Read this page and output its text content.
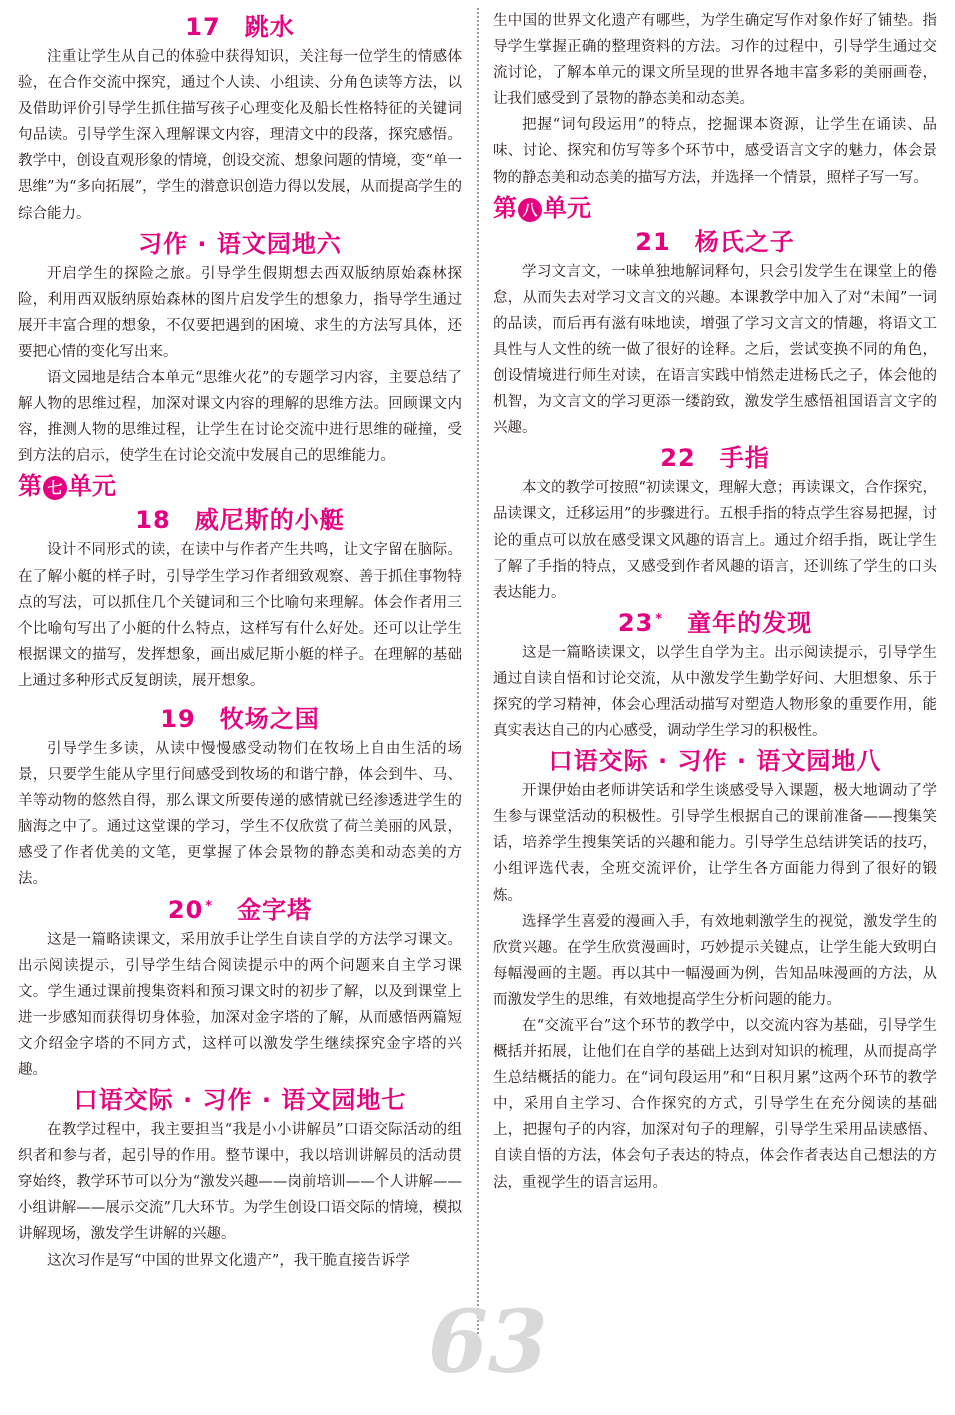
17 跳水

注重让学生从自己的体验中获得知识，关注每一位学生的情感体验，在合作交流中探究，通过个人读、小组读、分角色读等方法，以及借助评价引导学生抓住描写孩子心理变化及船长性格特征的关键词句品读。引导学生深入理解课文内容，理清文中的段落，探究感悟。教学中，创设直观形象的情境，创设交流、想象问题的情境，变“单一思维”为“多向拓展”，学生的潜意识创造力得以发展，从而提高学生的综合能力。

习作 · 语文园地六

开启学生的探险之旅。引导学生假期想去西双版纳原始森林探险，利用西双版纳原始森林的图片启发学生的想象力，指导学生通过展开丰富合理的想象，不仅要把遇到的困境、求生的方法写具体，还要把心情的变化写出来。

语文园地是结合本单元“思维火花”的专题学习内容，主要总结了解人物的思维过程，加深对课文内容的理解的思维方法。回顾课文内容，推测人物的思维过程，让学生在讨论交流中进行思维的碰撞，受到方法的启示，使学生在讨论交流中发展自己的思维能力。

第 七 单元
18 威尼斯的小艇

设计不同形式的读，在读中与作者产生共鸣，让文字留在脑际。在了解小艇的样子时，引导学生学习作者细致观察、善于抓住事物特点的写法，可以抓住几个关键词和三个比喻句来理解。体会作者用三个比喻句写出了小艇的什么特点，这样写有什么好处。还可以让学生根据课文的描写，发挥想象，画出威尼斯小艇的样子。在理解的基础上通过多种形式反复朗读，展开想象。

19 牧场之国

引导学生多读，从读中慢慢感受动物们在牧场上自由生活的场景，只要学生能从字里行间感受到牧场的和谐宁静，体会到牛、马、羊等动物的悠然自得，那么课文所要传递的感情就已经渗透进学生的脑海之中了。通过这堂课的学习，学生不仅欣赏了荷兰美丽的风景，感受了作者优美的文笔，更掌握了体会景物的静态美和动态美的方法。

20 * 金字塔

这是一篇略读课文，采用放手让学生自读自学的方法学习课文。出示阅读提示，引导学生结合阅读提示中的两个问题来自主学习课文。学生通过课前搜集资料和预习课文时的初步了解，以及到课堂上进一步感知而获得切身体验，加深对金字塔的了解，从而感悟两篇短文介绍金字塔的不同方式，这样可以激发学生继续探究金字塔的兴趣。

口语交际 · 习作 · 语文园地七

在教学过程中，我主要担当“我是小小讲解员”口语交际活动的组织者和参与者，起引导的作用。整节课中，我以培训讲解员的活动贯穿始终，教学环节可以分为“激发兴趣——岗前培训——个人讲解——小组讲解——展示交流”几大环节。为学生创设口语交际的情境，模拟讲解现场，激发学生讲解的兴趣。

这次习作是写“中国的世界文化遗产”，我干脆直接告诉学

生中国的世界文化遗产有哪些，为学生确定写作对象作好了铺垫。指导学生掌握正确的整理资料的方法。习作的过程中，引导学生通过交流讨论，了解本单元的课文所呈现的世界各地丰富多彩的美丽画卷，让我们感受到了景物的静态美和动态美。

把握“词句段运用”的特点，挖掘课本资源，让学生在诵读、品味、讨论、探究和仿写等多个环节中，感受语言文字的魅力，体会景物的静态美和动态美的描写方法，并选择一个情景，照样子写一写。

第 八 单元
21 杨氏之子

学习文言文，一味单独地解词释句，只会引发学生在课堂上的倦怠，从而失去对学习文言文的兴趣。本课教学中加入了对“未闻”一词的品读，而后再有滋有味地读，增强了学习文言文的情趣，将语文工具性与人文性的统一做了很好的诠释。之后，尝试变换不同的角色，创设情境进行师生对读，在语言实践中悄然走进杨氏之子，体会他的机智，为文言文的学习更添一缕韵致，激发学生感悟祖国语言文字的兴趣。

22 手指

本文的教学可按照“初读课文，理解大意；再读课文，合作探究，品读课文，迁移运用”的步骤进行。五根手指的特点学生容易把握，讨论的重点可以放在感受课文风趣的语言上。通过介绍手指，既让学生了解了手指的特点，又感受到作者风趣的语言，还训练了学生的口头表达能力。

23 * 童年的发现

这是一篇略读课文，以学生自学为主。出示阅读提示，引导学生通过自读自悟和讨论交流，从中激发学生勤学好问、大胆想象、乐于探究的学习精神，体会心理活动描写对塑造人物形象的重要作用，能真实表达自己的内心感受，调动学生学习的积极性。

口语交际 · 习作 · 语文园地八

开课伊始由老师讲笑话和学生谈感受导入课题，极大地调动了学生参与课堂活动的积极性。引导学生根据自己的课前准备——搜集笑话，培养学生搜集笑话的兴趣和能力。引导学生总结讲笑话的技巧，小组评选代表，全班交流评价，让学生各方面能力得到了很好的锻炼。

选择学生喜爱的漫画入手，有效地刺激学生的视觉，激发学生的欣赏兴趣。在学生欣赏漫画时，巧妙提示关键点，让学生能大致明白每幅漫画的主题。再以其中一幅漫画为例，告知品味漫画的方法，从而激发学生的思维，有效地提高学生分析问题的能力。

在“交流平台”这个环节的教学中，以交流内容为基础，引导学生概括并拓展，让他们在自学的基础上达到对知识的梳理，从而提高学生总结概括的能力。在“词句段运用”和“日积月累”这两个环节的教学中，采用自主学习、合作探究的方式，引导学生在充分阅读的基础上，把握句子的内容，加深对句子的理解，引导学生采用品读感悟、自读自悟的方法，体会句子表达的特点，体会作者表达自己想法的方法，重视学生的语言运用。

63
